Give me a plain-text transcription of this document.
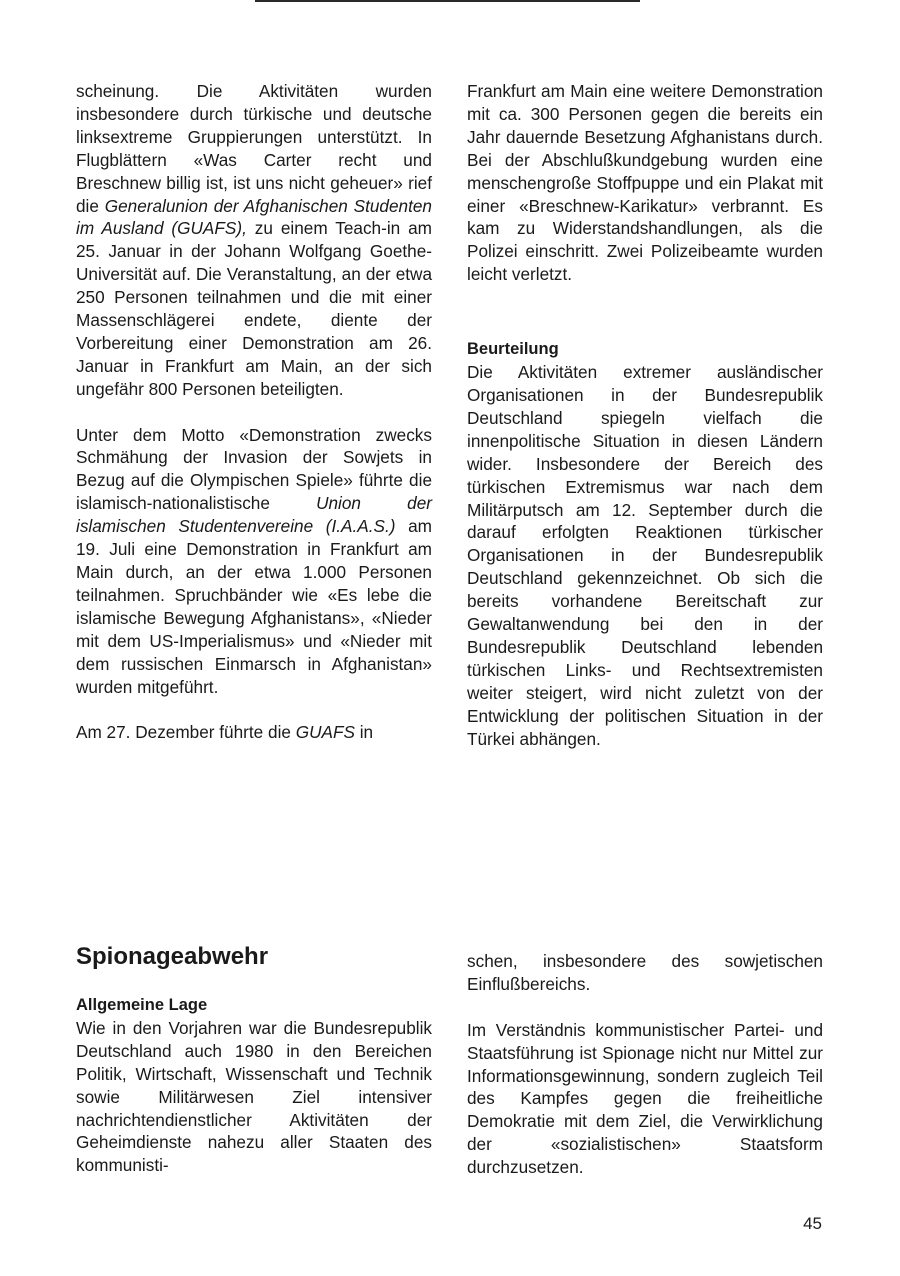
scheinung. Die Aktivitäten wurden insbesondere durch türkische und deutsche linksextreme Gruppierungen unterstützt. In Flugblättern «Was Carter recht und Breschnew billig ist, ist uns nicht geheuer» rief die Generalunion der Afghanischen Studenten im Ausland (GUAFS), zu einem Teach-in am 25. Januar in der Johann Wolfgang Goethe-Universität auf. Die Veranstaltung, an der etwa 250 Personen teilnahmen und die mit einer Massenschlägerei endete, diente der Vorbereitung einer Demonstration am 26. Januar in Frankfurt am Main, an der sich ungefähr 800 Personen beteiligten.

Unter dem Motto «Demonstration zwecks Schmähung der Invasion der Sowjets in Bezug auf die Olympischen Spiele» führte die islamisch-nationalistische Union der islamischen Studentenvereine (I.A.A.S.) am 19. Juli eine Demonstration in Frankfurt am Main durch, an der etwa 1.000 Personen teilnahmen. Spruchbänder wie «Es lebe die islamische Bewegung Afghanistans», «Nieder mit dem US-Imperialismus» und «Nieder mit dem russischen Einmarsch in Afghanistan» wurden mitgeführt.

Am 27. Dezember führte die GUAFS in

Frankfurt am Main eine weitere Demonstration mit ca. 300 Personen gegen die bereits ein Jahr dauernde Besetzung Afghanistans durch. Bei der Abschlußkundgebung wurden eine menschengroße Stoffpuppe und ein Plakat mit einer «Breschnew-Karikatur» verbrannt. Es kam zu Widerstandshandlungen, als die Polizei einschritt. Zwei Polizeibeamte wurden leicht verletzt.

Beurteilung

Die Aktivitäten extremer ausländischer Organisationen in der Bundesrepublik Deutschland spiegeln vielfach die innenpolitische Situation in diesen Ländern wider. Insbesondere der Bereich des türkischen Extremismus war nach dem Militärputsch am 12. September durch die darauf erfolgten Reaktionen türkischer Organisationen in der Bundesrepublik Deutschland gekennzeichnet. Ob sich die bereits vorhandene Bereitschaft zur Gewaltanwendung bei den in der Bundesrepublik Deutschland lebenden türkischen Links- und Rechtsextremisten weiter steigert, wird nicht zuletzt von der Entwicklung der politischen Situation in der Türkei abhängen.

Spionageabwehr

Allgemeine Lage

Wie in den Vorjahren war die Bundesrepublik Deutschland auch 1980 in den Bereichen Politik, Wirtschaft, Wissenschaft und Technik sowie Militärwesen Ziel intensiver nachrichtendienstlicher Aktivitäten der Geheimdienste nahezu aller Staaten des kommunisti-

schen, insbesondere des sowjetischen Einflußbereichs.

Im Verständnis kommunistischer Partei- und Staatsführung ist Spionage nicht nur Mittel zur Informationsgewinnung, sondern zugleich Teil des Kampfes gegen die freiheitliche Demokratie mit dem Ziel, die Verwirklichung der «sozialistischen» Staatsform durchzusetzen.

45
